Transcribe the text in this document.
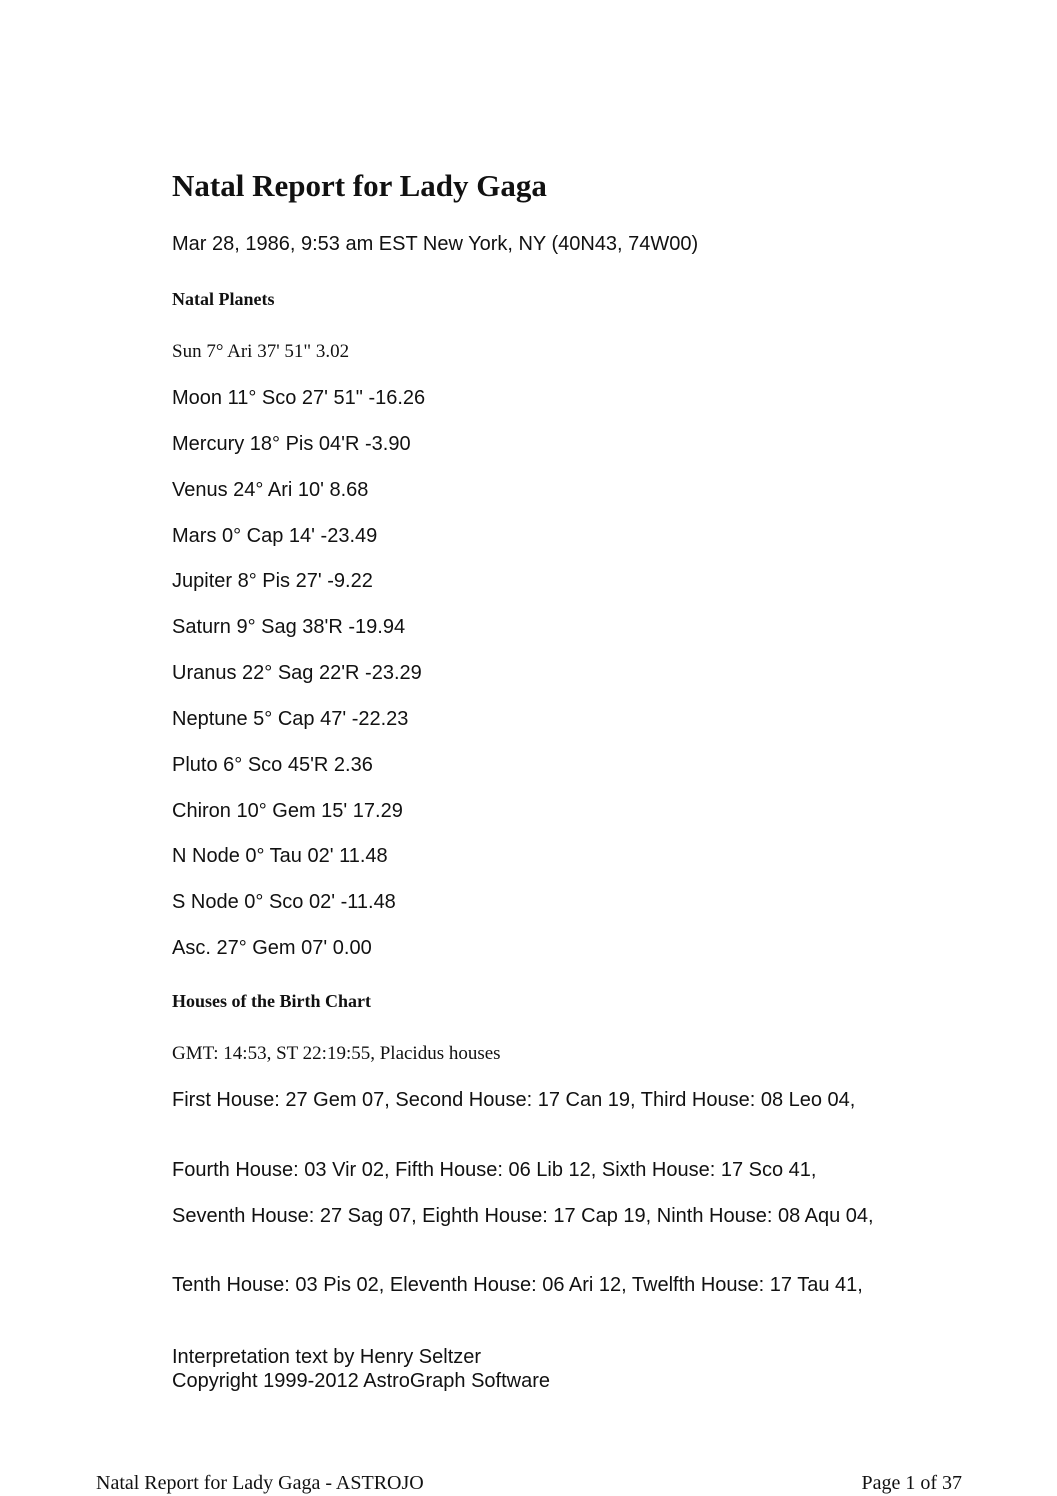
Natal Report for Lady Gaga
Mar 28, 1986, 9:53 am EST New York, NY (40N43, 74W00)
Natal Planets
Sun 7° Ari 37' 51" 3.02
Moon 11° Sco 27' 51" -16.26
Mercury 18° Pis 04'R -3.90
Venus 24° Ari 10' 8.68
Mars 0° Cap 14' -23.49
Jupiter 8° Pis 27' -9.22
Saturn 9° Sag 38'R -19.94
Uranus 22° Sag 22'R -23.29
Neptune 5° Cap 47' -22.23
Pluto 6° Sco 45'R 2.36
Chiron 10° Gem 15' 17.29
N Node 0° Tau 02' 11.48
S Node 0° Sco 02' -11.48
Asc. 27° Gem 07' 0.00
Houses of the Birth Chart
GMT: 14:53, ST 22:19:55, Placidus houses
First House: 27 Gem 07, Second House: 17 Can 19, Third House: 08 Leo 04,
Fourth House: 03 Vir 02, Fifth House: 06 Lib 12, Sixth House: 17 Sco 41,
Seventh House: 27 Sag 07, Eighth House: 17 Cap 19, Ninth House: 08 Aqu 04,
Tenth House: 03 Pis 02, Eleventh House: 06 Ari 12, Twelfth House: 17 Tau 41,
Interpretation text by Henry Seltzer
Copyright 1999-2012 AstroGraph Software
Natal Report for Lady Gaga - ASTROJO	Page 1 of 37
